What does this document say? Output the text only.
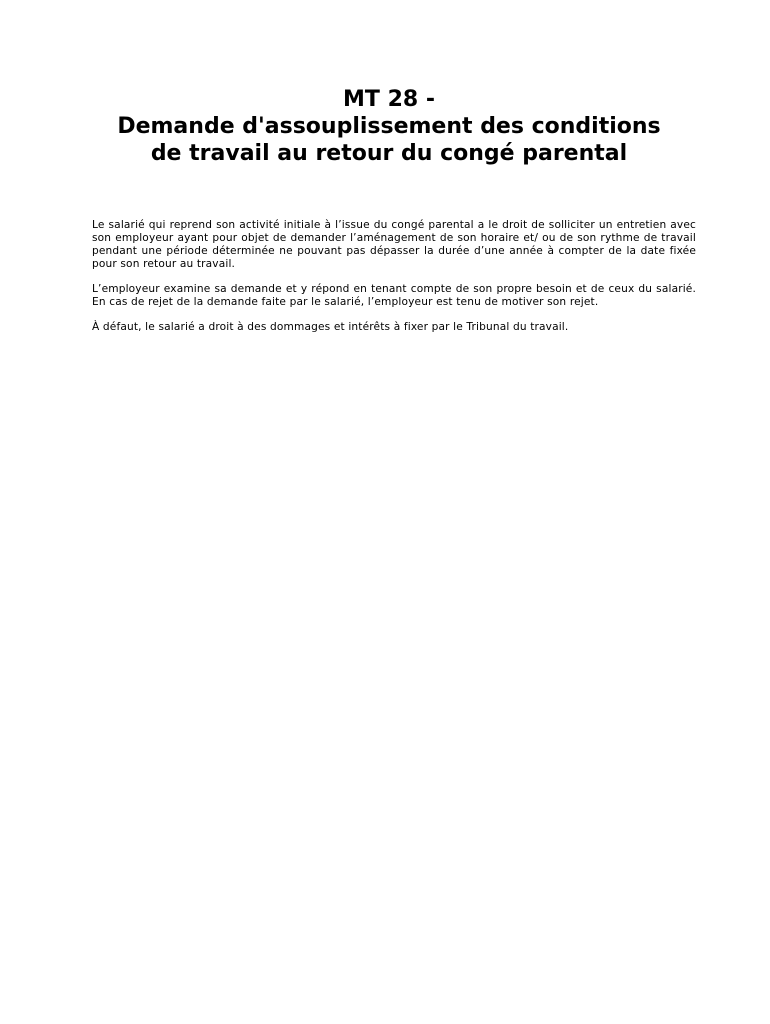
MT 28 -
Demande d'assouplissement des conditions
de travail au retour du congé parental

Le salarié qui reprend son activité initiale à l’issue du congé parental a le droit de solliciter un entretien avec son employeur ayant pour objet de demander l’aménagement de son horaire et/ ou de son rythme de travail pendant une période déterminée ne pouvant pas dépasser la durée d’une année à compter de la date fixée pour son retour au travail.

L’employeur examine sa demande et y répond en tenant compte de son propre besoin et de ceux du salarié. En cas de rejet de la demande faite par le salarié, l’employeur est tenu de motiver son rejet.

À défaut, le salarié a droit à des dommages et intérêts à fixer par le Tribunal du travail.
